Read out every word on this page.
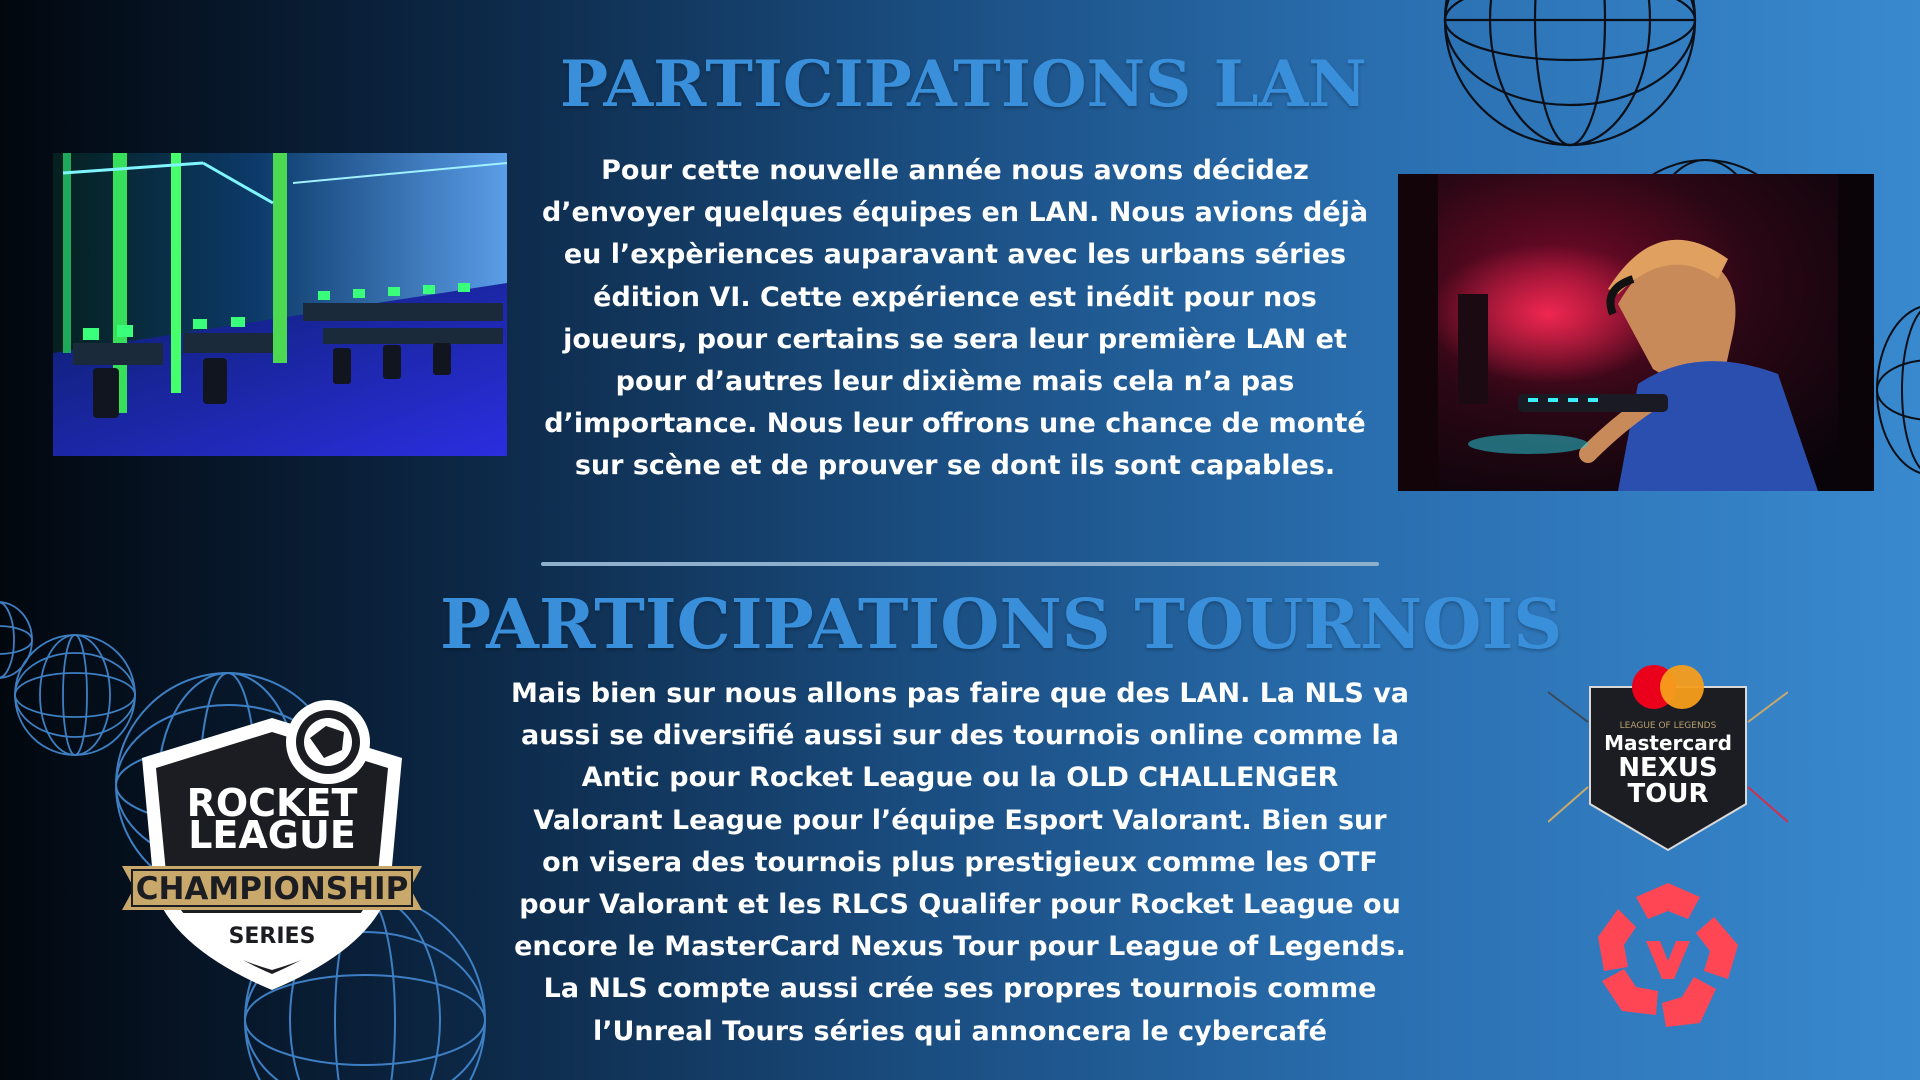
PARTICIPATIONS LAN
Pour cette nouvelle année nous avons décidez
d’envoyer quelques équipes en LAN. Nous avions déjà
eu l’expèriences auparavant avec les urbans séries
édition VI. Cette expérience est inédit pour nos
joueurs, pour certains se sera leur première LAN et
pour d’autres leur dixième mais cela n’a pas
d’importance. Nous leur offrons une chance de monté
sur scène et de prouver se dont ils sont capables.
PARTICIPATIONS TOURNOIS
Mais bien sur nous allons pas faire que des LAN. La NLS va
aussi se diversifié aussi sur des tournois online comme la
Antic pour Rocket League ou la OLD CHALLENGER
Valorant League pour l’équipe Esport Valorant. Bien sur
on visera des tournois plus prestigieux comme les OTF
pour Valorant et les RLCS Qualifer pour Rocket League ou
encore le MasterCard Nexus Tour pour League of Legends.
La NLS compte aussi crée ses propres tournois comme
l’Unreal Tours séries qui annoncera le cybercafé
ROCKET
LEAGUE
CHAMPIONSHIP
SERIES
LEAGUE OF LEGENDS
Mastercard
NEXUS
TOUR
